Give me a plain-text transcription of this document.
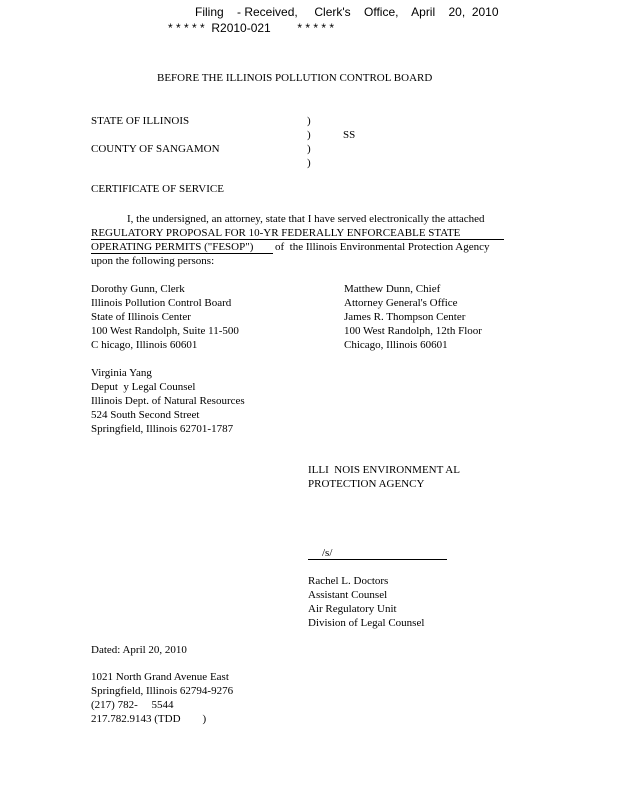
Filing    - Received,     Clerk's    Office,    April    20,  2010
* * * * *  R2010-021        * * * * *
BEFORE THE ILLINOIS POLLUTION CONTROL BOARD
STATE OF ILLINOIS
COUNTY OF SANGAMON
)
)
)
)
SS
CERTIFICATE OF SERVICE
I, the undersigned, an attorney, state that I have served electronically the attached
REGULATORY PROPOSAL FOR 10-YR FEDERALLY ENFORCEABLE STATE
OPERATING PERMITS ("FESOP") of  the Illinois Environmental Protection Agency
upon the following persons:
Dorothy Gunn, Clerk
Illinois Pollution Control Board
State of Illinois Center
100 West Randolph, Suite 11-500
C hicago, Illinois 60601
Matthew Dunn, Chief
Attorney General's Office
James R. Thompson Center
100 West Randolph, 12th Floor
Chicago, Illinois 60601
Virginia Yang
Deput  y Legal Counsel
Illinois Dept. of Natural Resources
524 South Second Street
Springfield, Illinois 62701-1787
ILLI  NOIS ENVIRONMENT AL
PROTECTION AGENCY
/s/
Rachel L. Doctors
Assistant Counsel
Air Regulatory Unit
Division of Legal Counsel
Dated: April 20, 2010
1021 North Grand Avenue East
Springfield, Illinois 62794-9276
(217) 782-     5544
217.782.9143 (TDD        )
